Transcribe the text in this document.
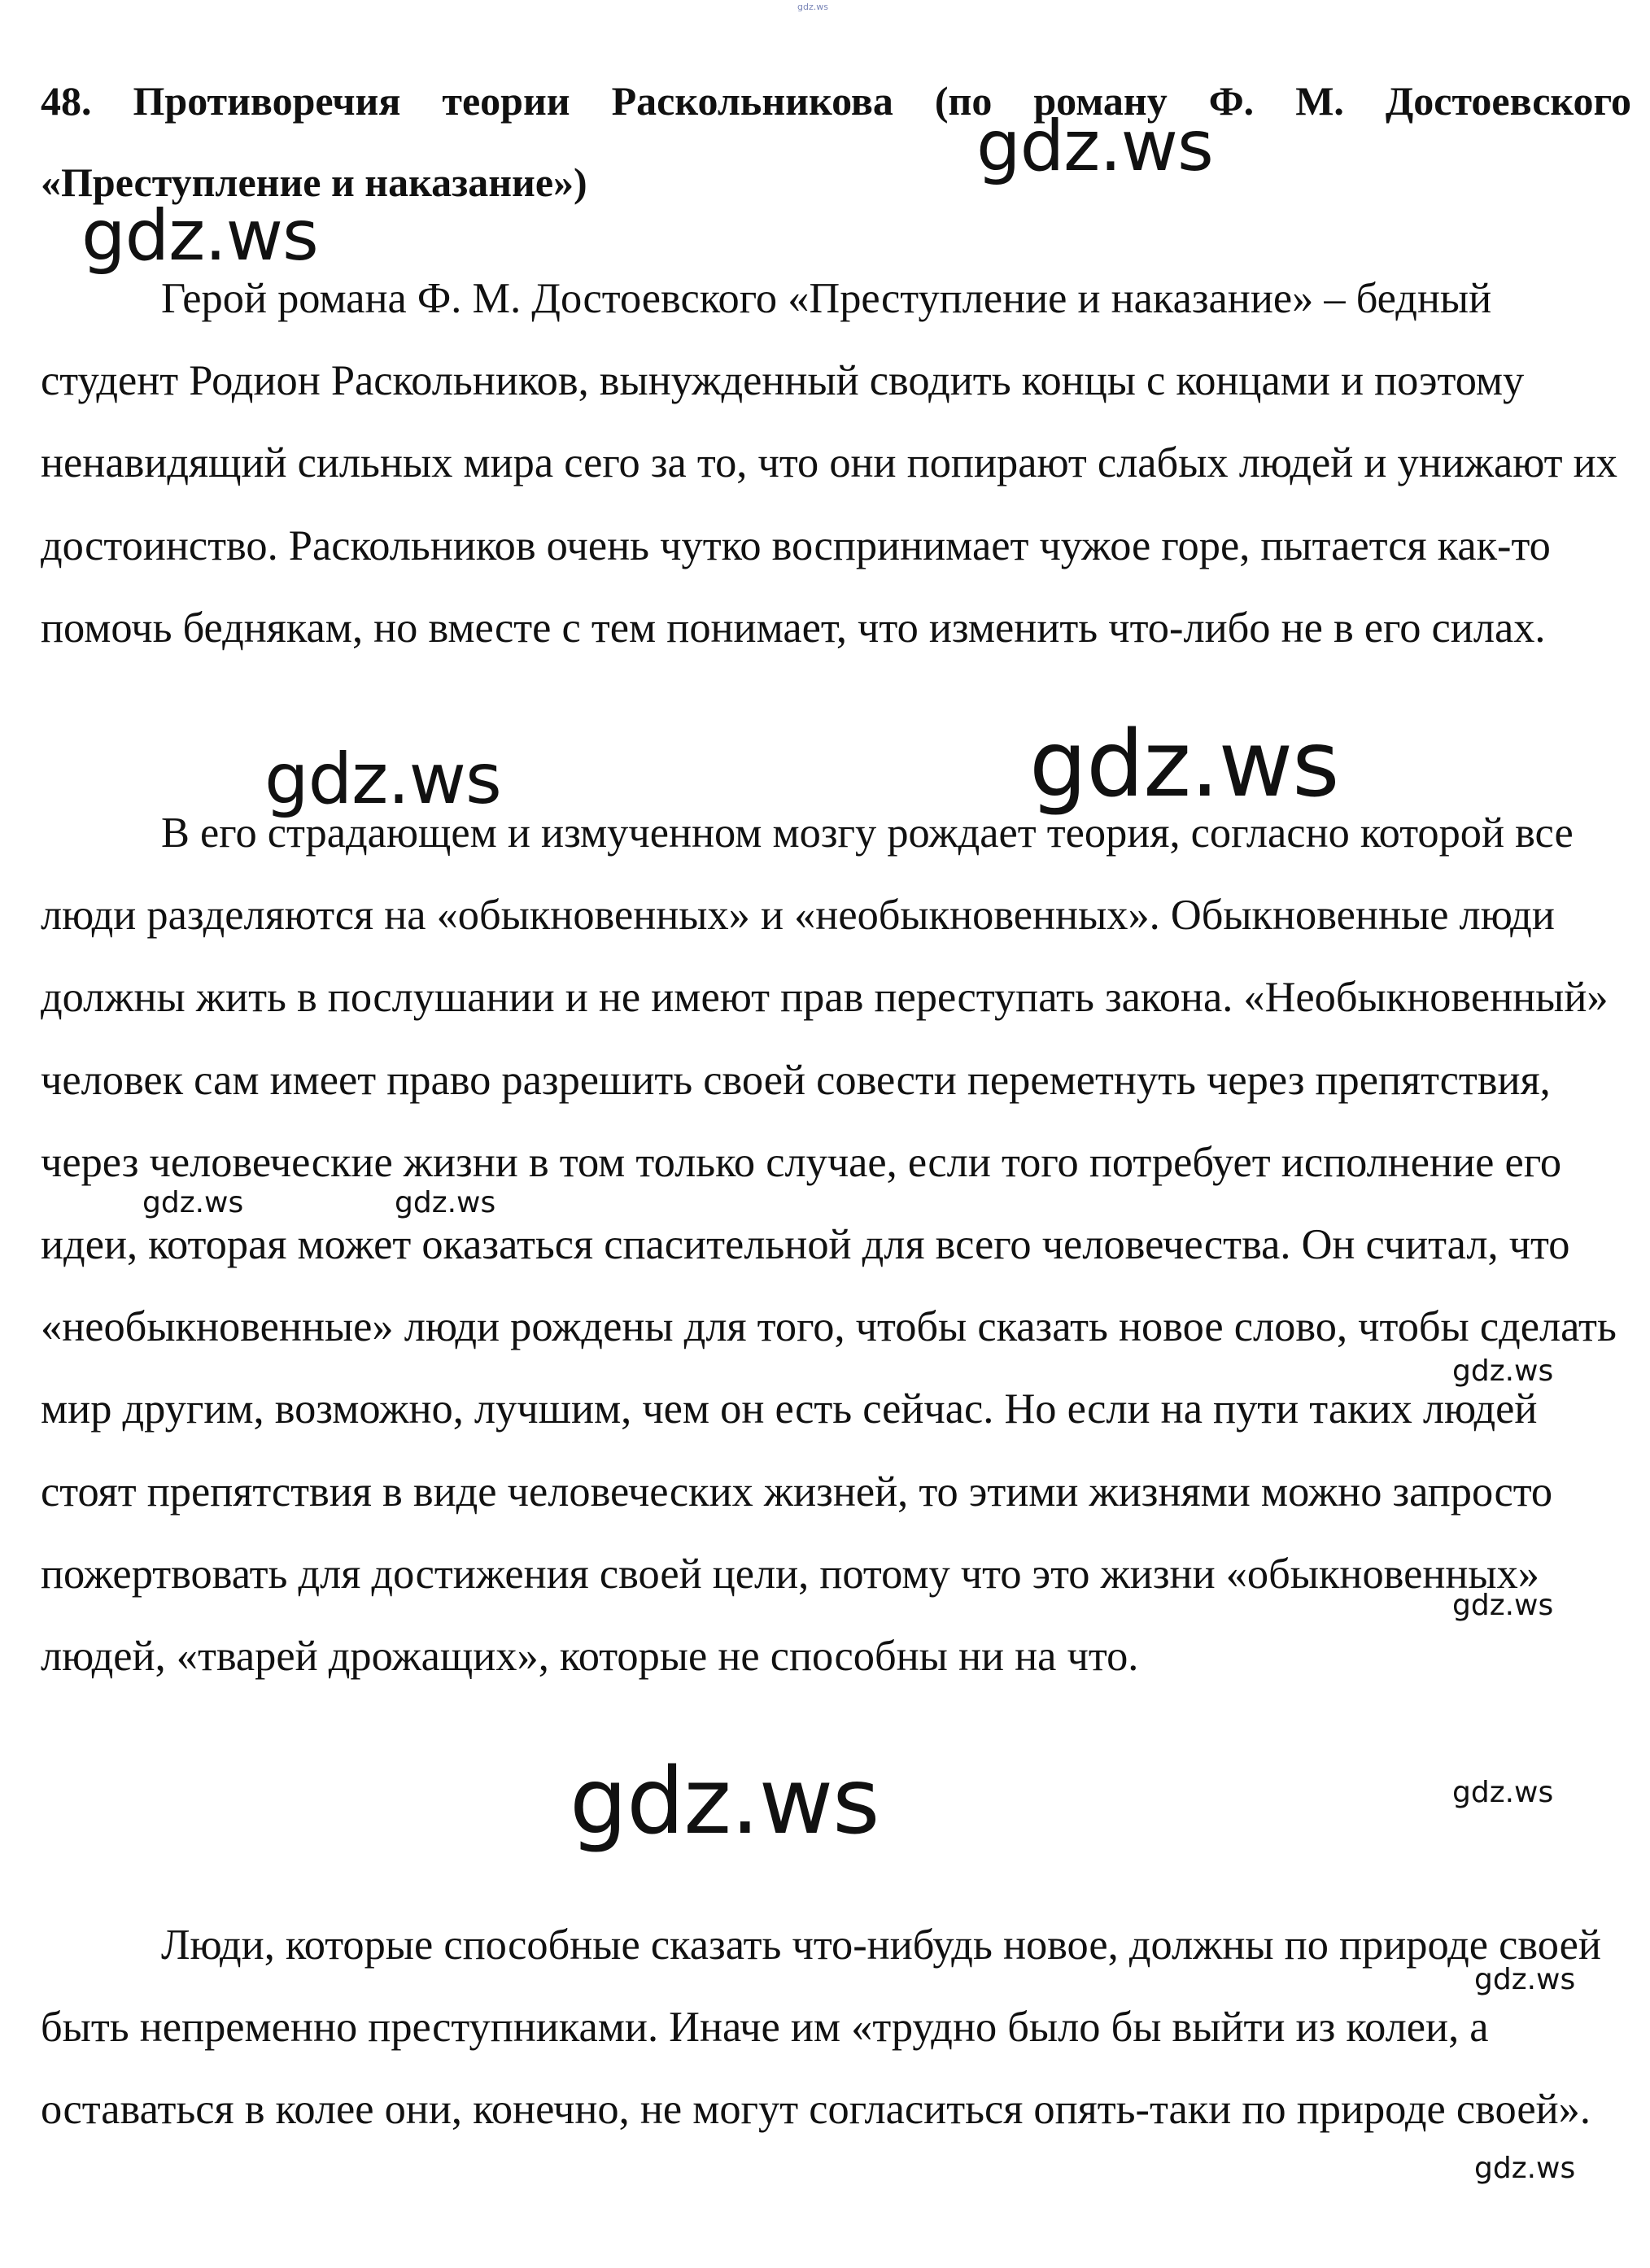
gdz.ws
48. Противоречия теории Раскольникова (по роману Ф. М. Достоевского «Преступление и наказание»)

Герой романа Ф. М. Достоевского «Преступление и наказание» – бедный студент Родион Раскольников, вынужденный сводить концы с концами и поэтому ненавидящий сильных мира сего за то, что они попирают слабых людей и унижают их достоинство. Раскольников очень чутко воспринимает чужое горе, пытается как-то помочь беднякам, но вместе с тем понимает, что изменить что-либо не в его силах.

В его страдающем и измученном мозгу рождает теория, согласно которой все люди разделяются на «обыкновенных» и «необыкновенных». Обыкновенные люди должны жить в послушании и не имеют прав переступать закона. «Необыкновенный» человек сам имеет право разрешить своей совести переметнуть через препятствия, через человеческие жизни в том только случае, если того потребует исполнение его идеи, которая может оказаться спасительной для всего человечества. Он считал, что «необыкновенные» люди рождены для того, чтобы сказать новое слово, чтобы сделать мир другим, возможно, лучшим, чем он есть сейчас. Но если на пути таких людей стоят препятствия в виде человеческих жизней, то этими жизнями можно запросто пожертвовать для достижения своей цели, потому что это жизни «обыкновенных» людей, «тварей дрожащих», которые не способны ни на что.

Люди, которые способные сказать что-нибудь новое, должны по природе своей быть непременно преступниками. Иначе им «трудно было бы выйти из колеи, а оставаться в колее они, конечно, не могут согласиться опять-таки по природе своей».

gdz.ws
gdz.ws
gdz.ws	gdz.ws
gdz.ws	gdz.ws
gdz.ws
gdz.ws
gdz.ws	gdz.ws
gdz.ws
gdz.ws
